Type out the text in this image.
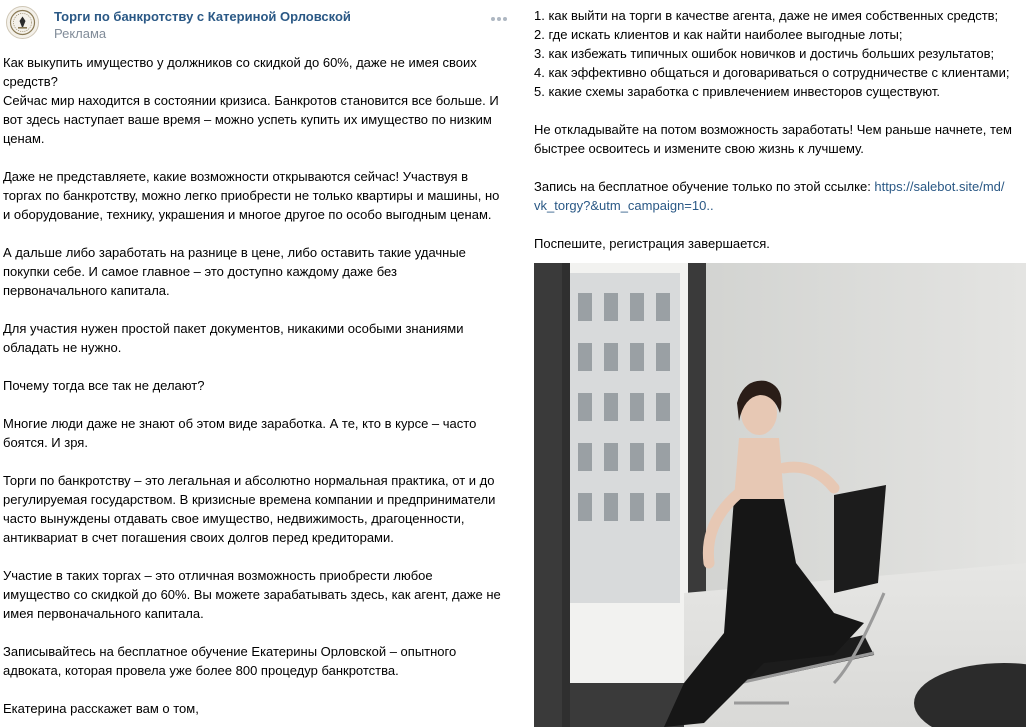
Торги по банкротству с Катериной Орловской
Реклама
Как выкупить имущество у должников со скидкой до 60%, даже не имея своих
средств?
Сейчас мир находится в состоянии кризиса. Банкротов становится все больше. И
вот здесь наступает ваше время – можно успеть купить их имущество по низким
ценам.
Даже не представляете, какие возможности открываются сейчас! Участвуя в
торгах по банкротству, можно легко приобрести не только квартиры и машины, но
и оборудование, технику, украшения и многое другое по особо выгодным ценам.
А дальше либо заработать на разнице в цене, либо оставить такие удачные
покупки себе. И самое главное – это доступно каждому даже без
первоначального капитала.
Для участия нужен простой пакет документов, никакими особыми знаниями
обладать не нужно.
Почему тогда все так не делают?
Многие люди даже не знают об этом виде заработка. А те, кто в курсе – часто
боятся. И зря.
Торги по банкротству – это легальная и абсолютно нормальная практика, от и до
регулируемая государством. В кризисные времена компании и предприниматели
часто вынуждены отдавать свое имущество, недвижимость, драгоценности,
антиквариат в счет погашения своих долгов перед кредиторами.
Участие в таких торгах – это отличная возможность приобрести любое
имущество со скидкой до 60%. Вы можете зарабатывать здесь, как агент, даже не
имея первоначального капитала.
Записывайтесь на бесплатное обучение Екатерины Орловской – опытного
адвоката, которая провела уже более 800 процедур банкротства.
Екатерина расскажет вам о том,
1. как выйти на торги в качестве агента, даже не имея собственных средств;
2. где искать клиентов и как найти наиболее выгодные лоты;
3. как избежать типичных ошибок новичков и достичь больших результатов;
4. как эффективно общаться и договариваться о сотрудничестве с клиентами;
5. какие схемы заработка с привлечением инвесторов существуют.
Не откладывайте на потом возможность заработать! Чем раньше начнете, тем
быстрее освоитесь и измените свою жизнь к лучшему.
Запись на бесплатное обучение только по этой ссылке: https://salebot.site/md/
vk_torgy?&utm_campaign=10..
Поспешите, регистрация завершается.
